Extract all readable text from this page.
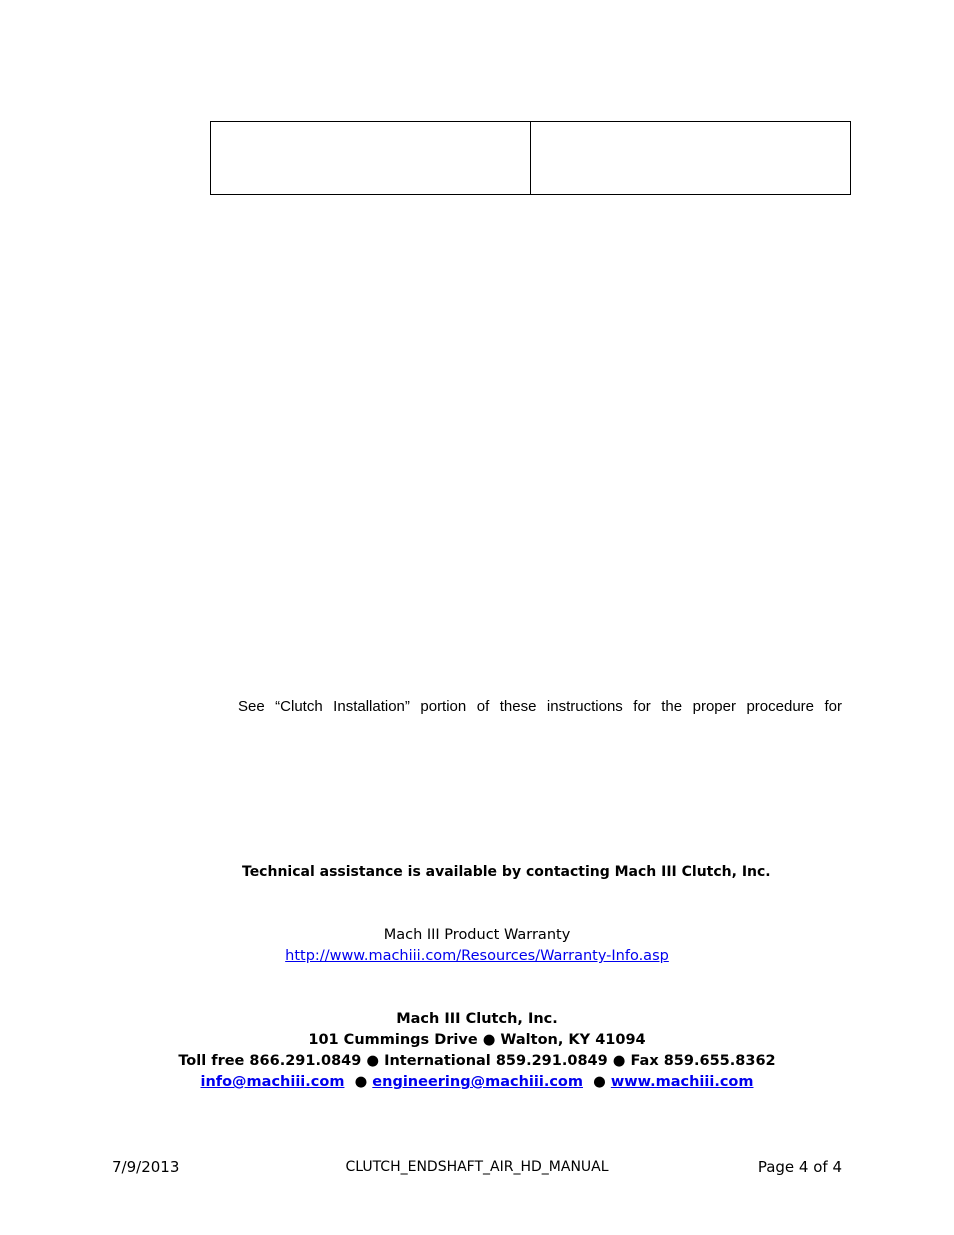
See “Clutch Installation” portion of these instructions for the proper procedure for
Technical assistance is available by contacting Mach III Clutch, Inc.
Mach III Product Warranty
http://www.machiii.com/Resources/Warranty-Info.asp
Mach III Clutch, Inc.
101 Cummings Drive ● Walton, KY 41094
Toll free 866.291.0849 ● International 859.291.0849 ● Fax 859.655.8362
info@machiii.com ● engineering@machiii.com ● www.machiii.com
7/9/2013	CLUTCH_ENDSHAFT_AIR_HD_MANUAL	Page 4 of 4
